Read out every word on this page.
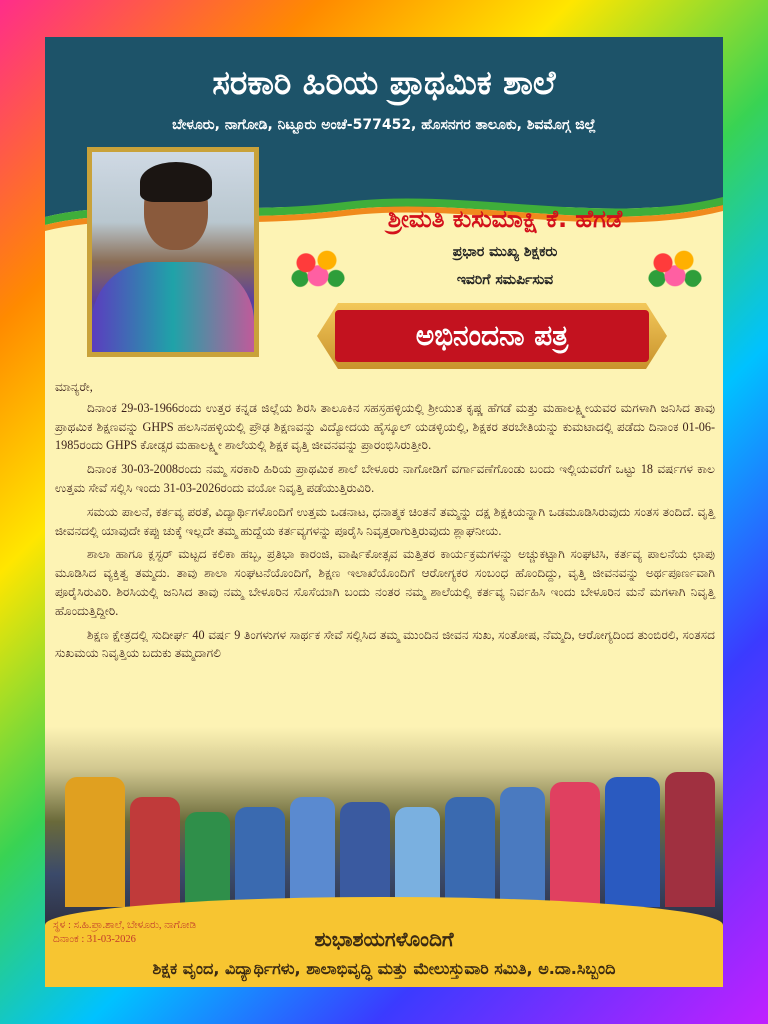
ಸರಕಾರಿ ಹಿರಿಯ ಪ್ರಾಥಮಿಕ ಶಾಲೆ
ಬೇಳೂರು, ನಾಗೋಡಿ, ನಿಟ್ಟೂರು ಅಂಚೆ-577452, ಹೊಸನಗರ ತಾಲೂಕು, ಶಿವಮೊಗ್ಗ ಜಿಲ್ಲೆ
ಶ್ರೀಮತಿ ಕುಸುಮಾಕ್ಷಿ ಕೆ. ಹೆಗಡೆ
ಪ್ರಭಾರ ಮುಖ್ಯ ಶಿಕ್ಷಕರು
ಇವರಿಗೆ ಸಮರ್ಪಿಸುವ
ಅಭಿನಂದನಾ ಪತ್ರ

ಮಾನ್ಯರೇ,

ದಿನಾಂಕ 29-03-1966ರಂದು ಉತ್ತರ ಕನ್ನಡ ಜಿಲ್ಲೆಯ ಶಿರಸಿ ತಾಲೂಕಿನ ಸಹಸ್ರಹಳ್ಳಿಯಲ್ಲಿ ಶ್ರೀಯುತ ಕೃಷ್ಣ ಹೆಗಡೆ ಮತ್ತು ಮಹಾಲಕ್ಷ್ಮೀಯವರ ಮಗಳಾಗಿ ಜನಿಸಿದ ತಾವು ಪ್ರಾಥಮಿಕ ಶಿಕ್ಷಣವನ್ನು GHPS ಹಲಸಿನಹಳ್ಳಿಯಲ್ಲಿ ಪ್ರೌಢ ಶಿಕ್ಷಣವನ್ನು ವಿದ್ಯೋದಯ ಹೈಸ್ಕೂಲ್ ಯಡಳ್ಳಿಯಲ್ಲಿ, ಶಿಕ್ಷಕರ ತರಬೇತಿಯನ್ನು ಕುಮಟಾದಲ್ಲಿ ಪಡೆದು ದಿನಾಂಕ 01-06-1985ರಂದು GHPS ಕೋಡ್ಸರ ಮಹಾಲಕ್ಷ್ಮೀ ಶಾಲೆಯಲ್ಲಿ ಶಿಕ್ಷಕ ವೃತ್ತಿ ಜೀವನವನ್ನು ಪ್ರಾರಂಭಿಸಿರುತ್ತೀರಿ.

ದಿನಾಂಕ 30-03-2008ರಂದು ನಮ್ಮ ಸರಕಾರಿ ಹಿರಿಯ ಪ್ರಾಥಮಿಕ ಶಾಲೆ ಬೇಳೂರು ನಾಗೋಡಿಗೆ ವರ್ಗಾವಣೆಗೊಂಡು ಬಂದು ಇಲ್ಲಿಯವರೆಗೆ ಒಟ್ಟು 18 ವರ್ಷಗಳ ಕಾಲ ಉತ್ತಮ ಸೇವೆ ಸಲ್ಲಿಸಿ ಇಂದು 31-03-2026ರಂದು ವಯೋ ನಿವೃತ್ತಿ ಪಡೆಯುತ್ತಿರುವಿರಿ.

ಸಮಯ ಪಾಲನೆ, ಕರ್ತವ್ಯ ಪರತೆ, ವಿದ್ಯಾರ್ಥಿಗಳೊಂದಿಗೆ ಉತ್ತಮ ಒಡನಾಟ, ಧನಾತ್ಮಕ ಚಿಂತನೆ ತಮ್ಮನ್ನು ದಕ್ಷ ಶಿಕ್ಷಕಿಯನ್ನಾಗಿ ಒಡಮೂಡಿಸಿರುವುದು ಸಂತಸ ತಂದಿದೆ. ವೃತ್ತಿ ಜೀವನದಲ್ಲಿ ಯಾವುದೇ ಕಪ್ಪು ಚುಕ್ಕೆ ಇಲ್ಲದೇ ತಮ್ಮ ಹುದ್ದೆಯ ಕರ್ತವ್ಯಗಳನ್ನು ಪೂರೈಸಿ ನಿವೃತ್ತರಾಗುತ್ತಿರುವುದು ಶ್ಲಾಘನೀಯ.

ಶಾಲಾ ಹಾಗೂ ಕ್ಲಸ್ಟರ್ ಮಟ್ಟದ ಕಲಿಕಾ ಹಬ್ಬ, ಪ್ರತಿಭಾ ಕಾರಂಜಿ, ವಾರ್ಷಿಕೋತ್ಸವ ಮತ್ತಿತರ ಕಾರ್ಯಕ್ರಮಗಳನ್ನು ಅಚ್ಚುಕಟ್ಟಾಗಿ ಸಂಘಟಿಸಿ, ಕರ್ತವ್ಯ ಪಾಲನೆಯ ಛಾಪು ಮೂಡಿಸಿದ ವ್ಯಕ್ತಿತ್ವ ತಮ್ಮದು. ತಾವು ಶಾಲಾ ಸಂಘಟನೆಯೊಂದಿಗೆ, ಶಿಕ್ಷಣ ಇಲಾಖೆಯೊಂದಿಗೆ ಆರೋಗ್ಯಕರ ಸಂಬಂಧ ಹೊಂದಿದ್ದು, ವೃತ್ತಿ ಜೀವನವನ್ನು ಅರ್ಥಪೂರ್ಣವಾಗಿ ಪೂರೈಸಿರುವಿರಿ. ಶಿರಸಿಯಲ್ಲಿ ಜನಿಸಿದ ತಾವು ನಮ್ಮ ಬೇಳೂರಿನ ಸೊಸೆಯಾಗಿ ಬಂದು ನಂತರ ನಮ್ಮ ಶಾಲೆಯಲ್ಲಿ ಕರ್ತವ್ಯ ನಿರ್ವಹಿಸಿ ಇಂದು ಬೇಳೂರಿನ ಮನೆ ಮಗಳಾಗಿ ನಿವೃತ್ತಿ ಹೊಂದುತ್ತಿದ್ದೀರಿ.

ಶಿಕ್ಷಣ ಕ್ಷೇತ್ರದಲ್ಲಿ ಸುದೀರ್ಘ 40 ವರ್ಷ 9 ತಿಂಗಳುಗಳ ಸಾರ್ಥಕ ಸೇವೆ ಸಲ್ಲಿಸಿದ ತಮ್ಮ ಮುಂದಿನ ಜೀವನ ಸುಖ, ಸಂತೋಷ, ನೆಮ್ಮದಿ, ಆರೋಗ್ಯದಿಂದ ತುಂಬಿರಲಿ, ಸಂತಸದ ಸುಖಮಯ ನಿವೃತ್ತಿಯ ಬದುಕು ತಮ್ಮದಾಗಲಿ

ಸ್ಥಳ : ಸ.ಹಿ.ಪ್ರಾ.ಶಾಲೆ, ಬೇಳೂರು, ನಾಗೋಡಿ
ದಿನಾಂಕ : 31-03-2026	ಶುಭಾಶಯಗಳೊಂದಿಗೆ
ಶಿಕ್ಷಕ ವೃಂದ, ವಿದ್ಯಾರ್ಥಿಗಳು, ಶಾಲಾಭಿವೃದ್ಧಿ ಮತ್ತು ಮೇಲುಸ್ತುವಾರಿ ಸಮಿತಿ, ಅ.ದಾ.ಸಿಬ್ಬಂದಿ
